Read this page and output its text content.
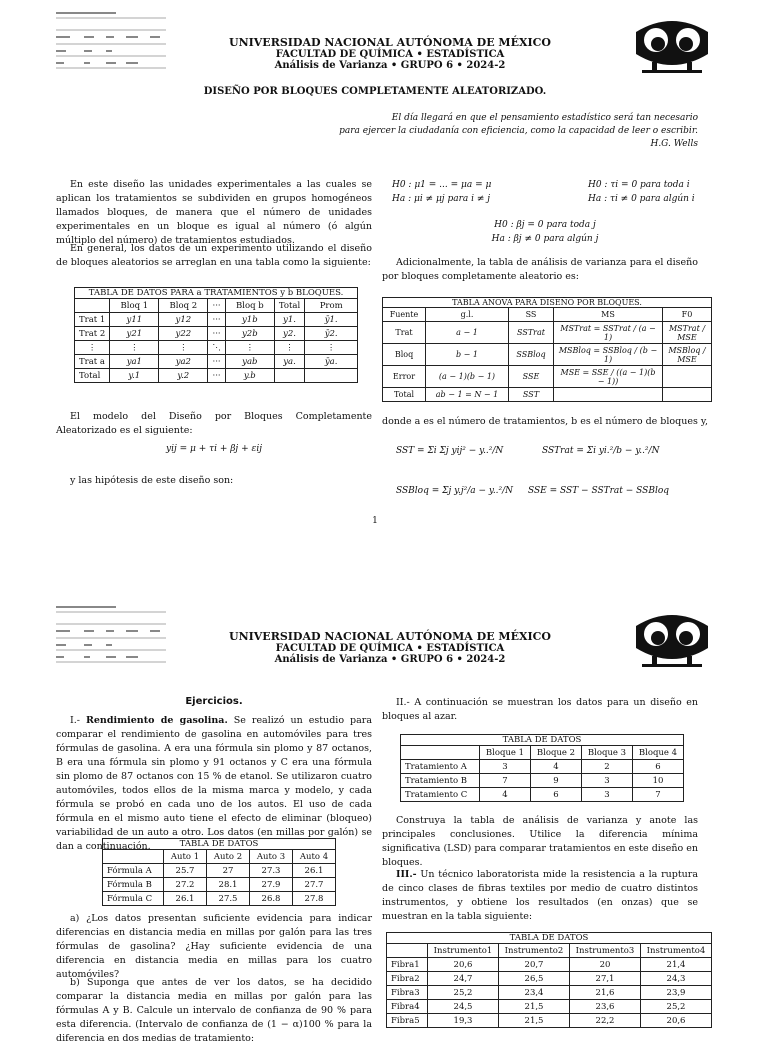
UNIVERSIDAD NACIONAL AUTÓNOMA DE MÉXICO
FACULTAD DE QUÍMICA • ESTADÍSTICA
Análisis de Varianza • GRUPO 6 • 2024-2
DISEÑO POR BLOQUES COMPLETAMENTE ALEATORIZADO.
El día llegará en que el pensamiento estadístico será tan necesario
para ejercer la ciudadanía con eficiencia, como la capacidad de leer o escribir.
H.G. Wells
En este diseño las unidades experimentales a las cuales se aplican los tratamientos se subdividen en grupos homogéneos llamados bloques, de manera que el número de unidades experimentales en un bloque es igual al número (ó algún múltiplo del número) de tratamientos estudiados.
En general, los datos de un experimento utilizando el diseño de bloques aleatorios se arreglan en una tabla como la siguiente:
TABLA DE DATOS PARA a TRATAMIENTOS y b BLOQUES.
	Bloq 1	Bloq 2	···	Bloq b	Total	Prom
Trat 1	y11	y12	···	y1b	y1.	ȳ1.
Trat 2	y21	y22	···	y2b	y2.	ȳ2.
⋮	⋮	⋮	⋱	⋮	⋮	⋮
Trat a	ya1	ya2	···	yab	ya.	ȳa.
Total	y.1	y.2	···	y.b		
El modelo del Diseño por Bloques Completamente Aleatorizado es el siguiente:
yij = μ + τi + βj + εij
y las hipótesis de este diseño son:
H0 : μ1 = ... = μa = μ
Ha : μi ≠ μj para i ≠ j
H0 : τi = 0 para toda i
Ha : τi ≠ 0 para algún i
H0 : βj = 0 para toda j
Ha : βj ≠ 0 para algún j
Adicionalmente, la tabla de análisis de varianza para el diseño por bloques completamente aleatorio es:
TABLA ANOVA PARA DISEÑO POR BLOQUES.
Fuente	g.l.	SS	MS	F0
Trat	a − 1	SSTrat	MSTrat = SSTrat / (a − 1)	MSTrat / MSE
Bloq	b − 1	SSBloq	MSBloq = SSBloq / (b − 1)	MSBloq / MSE
Error	(a − 1)(b − 1)	SSE	MSE = SSE / ((a − 1)(b − 1))	
Total	ab − 1 = N − 1	SST		
donde a es el número de tratamientos, b es el número de bloques y,
SST = Σi Σj yij² − y..²/N	SSTrat = Σi yi.²/b − y..²/N
SSBloq = Σj y.j²/a − y..²/N SSE = SST − SSTrat − SSBloq
1
UNIVERSIDAD NACIONAL AUTÓNOMA DE MÉXICO
FACULTAD DE QUÍMICA • ESTADÍSTICA
Análisis de Varianza • GRUPO 6 • 2024-2
Ejercicios.
I.- Rendimiento de gasolina. Se realizó un estudio para comparar el rendimiento de gasolina en automóviles para tres fórmulas de gasolina. A era una fórmula sin plomo y 87 octanos, B era una fórmula sin plomo y 91 octanos y C era una fórmula sin plomo de 87 octanos con 15 % de etanol. Se utilizaron cuatro automóviles, todos ellos de la misma marca y modelo, y cada fórmula se probó en cada uno de los autos. El uso de cada fórmula en el mismo auto tiene el efecto de eliminar (bloqueo) variabilidad de un auto a otro. Los datos (en millas por galón) se dan a continuación.	TABLA DE DATOS
	Auto 1	Auto 2	Auto 3	Auto 4
Fórmula A	25.7	27	27.3	26.1
Fórmula B	27.2	28.1	27.9	27.7
Fórmula C	26.1	27.5	26.8	27.8
a) ¿Los datos presentan suficiente evidencia para indicar diferencias en distancia media en millas por galón para las tres fórmulas de gasolina? ¿Hay suficiente evidencia de una diferencia en distancia media en millas para los cuatro automóviles?
b) Suponga que antes de ver los datos, se ha decidido comparar la distancia media en millas por galón para las fórmulas A y B. Calcule un intervalo de confianza de 90 % para esta diferencia. (Intervalo de confianza de (1 − α)100 % para la diferencia en dos medias de tratamiento:
II.- A continuación se muestran los datos para un diseño en bloques al azar.
TABLA DE DATOS
	Bloque 1	Bloque 2	Bloque 3	Bloque 4
Tratamiento A	3	4	2	6
Tratamiento B	7	9	3	10
Tratamiento C	4	6	3	7
Construya la tabla de análisis de varianza y anote las principales conclusiones. Utilice la diferencia mínima significativa (LSD) para comparar tratamientos en este diseño en bloques.
III.- Un técnico laboratorista mide la resistencia a la ruptura de cinco clases de fibras textiles por medio de cuatro distintos instrumentos, y obtiene los resultados (en onzas) que se muestran en la tabla siguiente:
TABLA DE DATOS
	Instrumento1	Instrumento2	Instrumento3	Instrumento4
Fibra1	20,6	20,7	20	21,4
Fibra2	24,7	26,5	27,1	24,3
Fibra3	25,2	23,4	21,6	23,9
Fibra4	24,5	21,5	23,6	25,2
Fibra5	19,3	21,5	22,2	20,6
